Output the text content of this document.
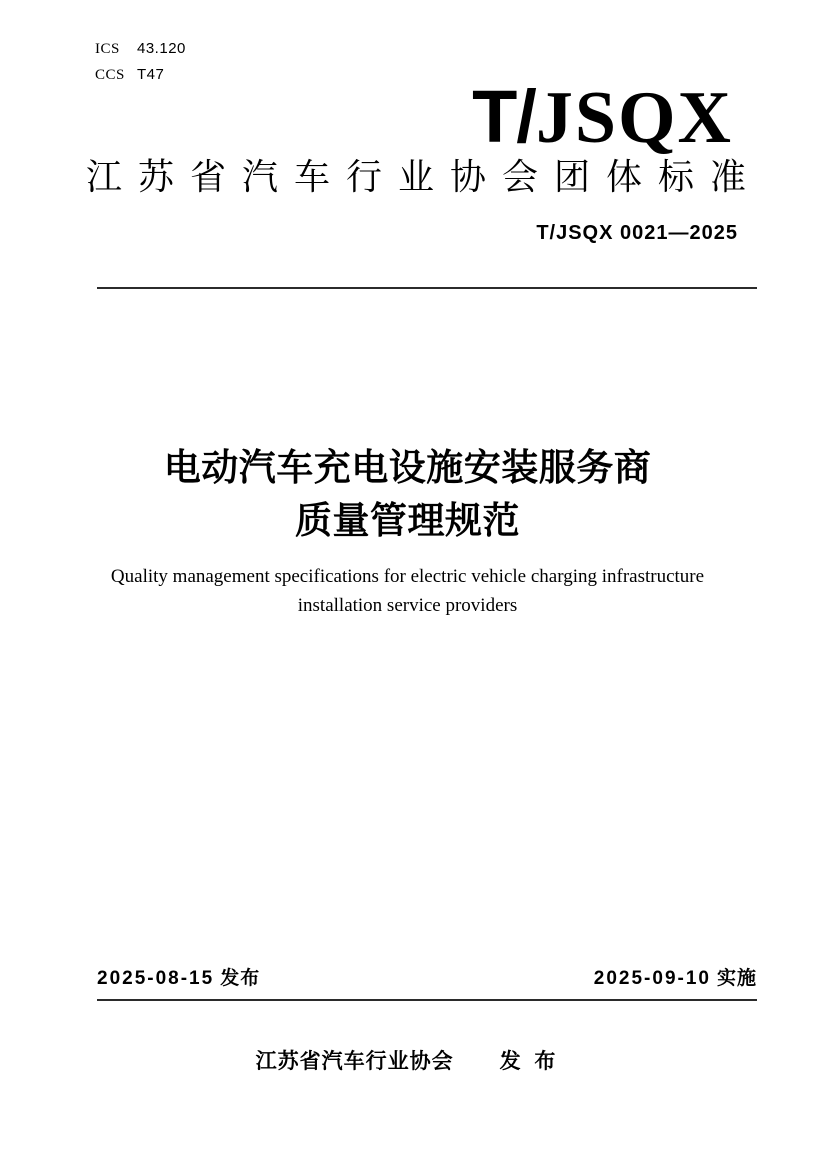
ICS	43.120
CCS T47
T/JSQX
江苏省汽车行业协会团体标准
T/JSQX 0021—2025
电动汽车充电设施安装服务商
质量管理规范
Quality management specifications for electric vehicle charging infrastructure
installation service providers
2025-08-15 发布	2025-09-10 实施
江苏省汽车行业协会 发 布
